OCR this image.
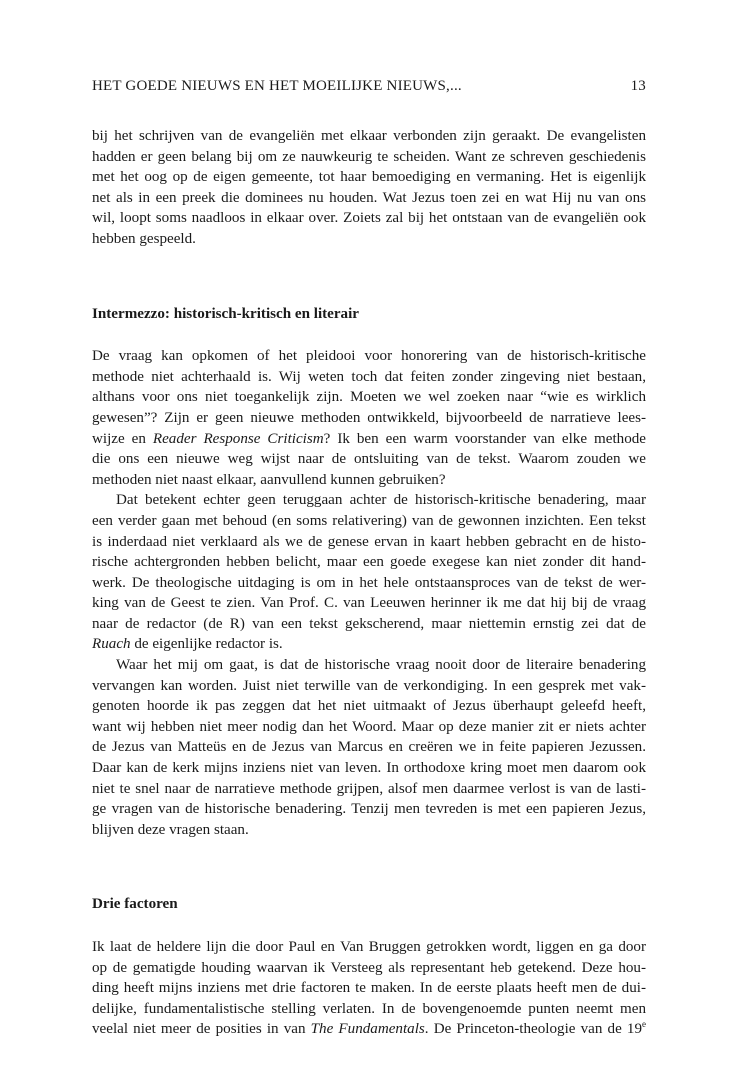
HET GOEDE NIEUWS EN HET MOEILIJKE NIEUWS,...	13
bij het schrijven van de evangeliën met elkaar verbonden zijn geraakt. De evangelisten
hadden er geen belang bij om ze nauwkeurig te scheiden. Want ze schreven geschiedenis
met het oog op de eigen gemeente, tot haar bemoediging en vermaning. Het is eigenlijk
net als in een preek die dominees nu houden. Wat Jezus toen zei en wat Hij nu van ons
wil, loopt soms naadloos in elkaar over. Zoiets zal bij het ontstaan van de evangeliën ook
hebben gespeeld.
Intermezzo: historisch-kritisch en literair
De vraag kan opkomen of het pleidooi voor honorering van de historisch-kritische
methode niet achterhaald is. Wij weten toch dat feiten zonder zingeving niet bestaan,
althans voor ons niet toegankelijk zijn. Moeten we wel zoeken naar “wie es wirklich
gewesen”? Zijn er geen nieuwe methoden ontwikkeld, bijvoorbeeld de narratieve lees-
wijze en Reader Response Criticism? Ik ben een warm voorstander van elke methode
die ons een nieuwe weg wijst naar de ontsluiting van de tekst. Waarom zouden we
methoden niet naast elkaar, aanvullend kunnen gebruiken?
Dat betekent echter geen teruggaan achter de historisch-kritische benadering, maar
een verder gaan met behoud (en soms relativering) van de gewonnen inzichten. Een tekst
is inderdaad niet verklaard als we de genese ervan in kaart hebben gebracht en de histo-
rische achtergronden hebben belicht, maar een goede exegese kan niet zonder dit hand-
werk. De theologische uitdaging is om in het hele ontstaansproces van de tekst de wer-
king van de Geest te zien. Van Prof. C. van Leeuwen herinner ik me dat hij bij de vraag
naar de redactor (de R) van een tekst gekscherend, maar niettemin ernstig zei dat de
Ruach de eigenlijke redactor is.
Waar het mij om gaat, is dat de historische vraag nooit door de literaire benadering
vervangen kan worden. Juist niet terwille van de verkondiging. In een gesprek met vak-
genoten hoorde ik pas zeggen dat het niet uitmaakt of Jezus überhaupt geleefd heeft,
want wij hebben niet meer nodig dan het Woord. Maar op deze manier zit er niets achter
de Jezus van Matteüs en de Jezus van Marcus en creëren we in feite papieren Jezussen.
Daar kan de kerk mijns inziens niet van leven. In orthodoxe kring moet men daarom ook
niet te snel naar de narratieve methode grijpen, alsof men daarmee verlost is van de lasti-
ge vragen van de historische benadering. Tenzij men tevreden is met een papieren Jezus,
blijven deze vragen staan.
Drie factoren
Ik laat de heldere lijn die door Paul en Van Bruggen getrokken wordt, liggen en ga door
op de gematigde houding waarvan ik Versteeg als representant heb getekend. Deze hou-
ding heeft mijns inziens met drie factoren te maken. In de eerste plaats heeft men de dui-
delijke, fundamentalistische stelling verlaten. In de bovengenoemde punten neemt men
veelal niet meer de posities in van The Fundamentals. De Princeton-theologie van de 19e
